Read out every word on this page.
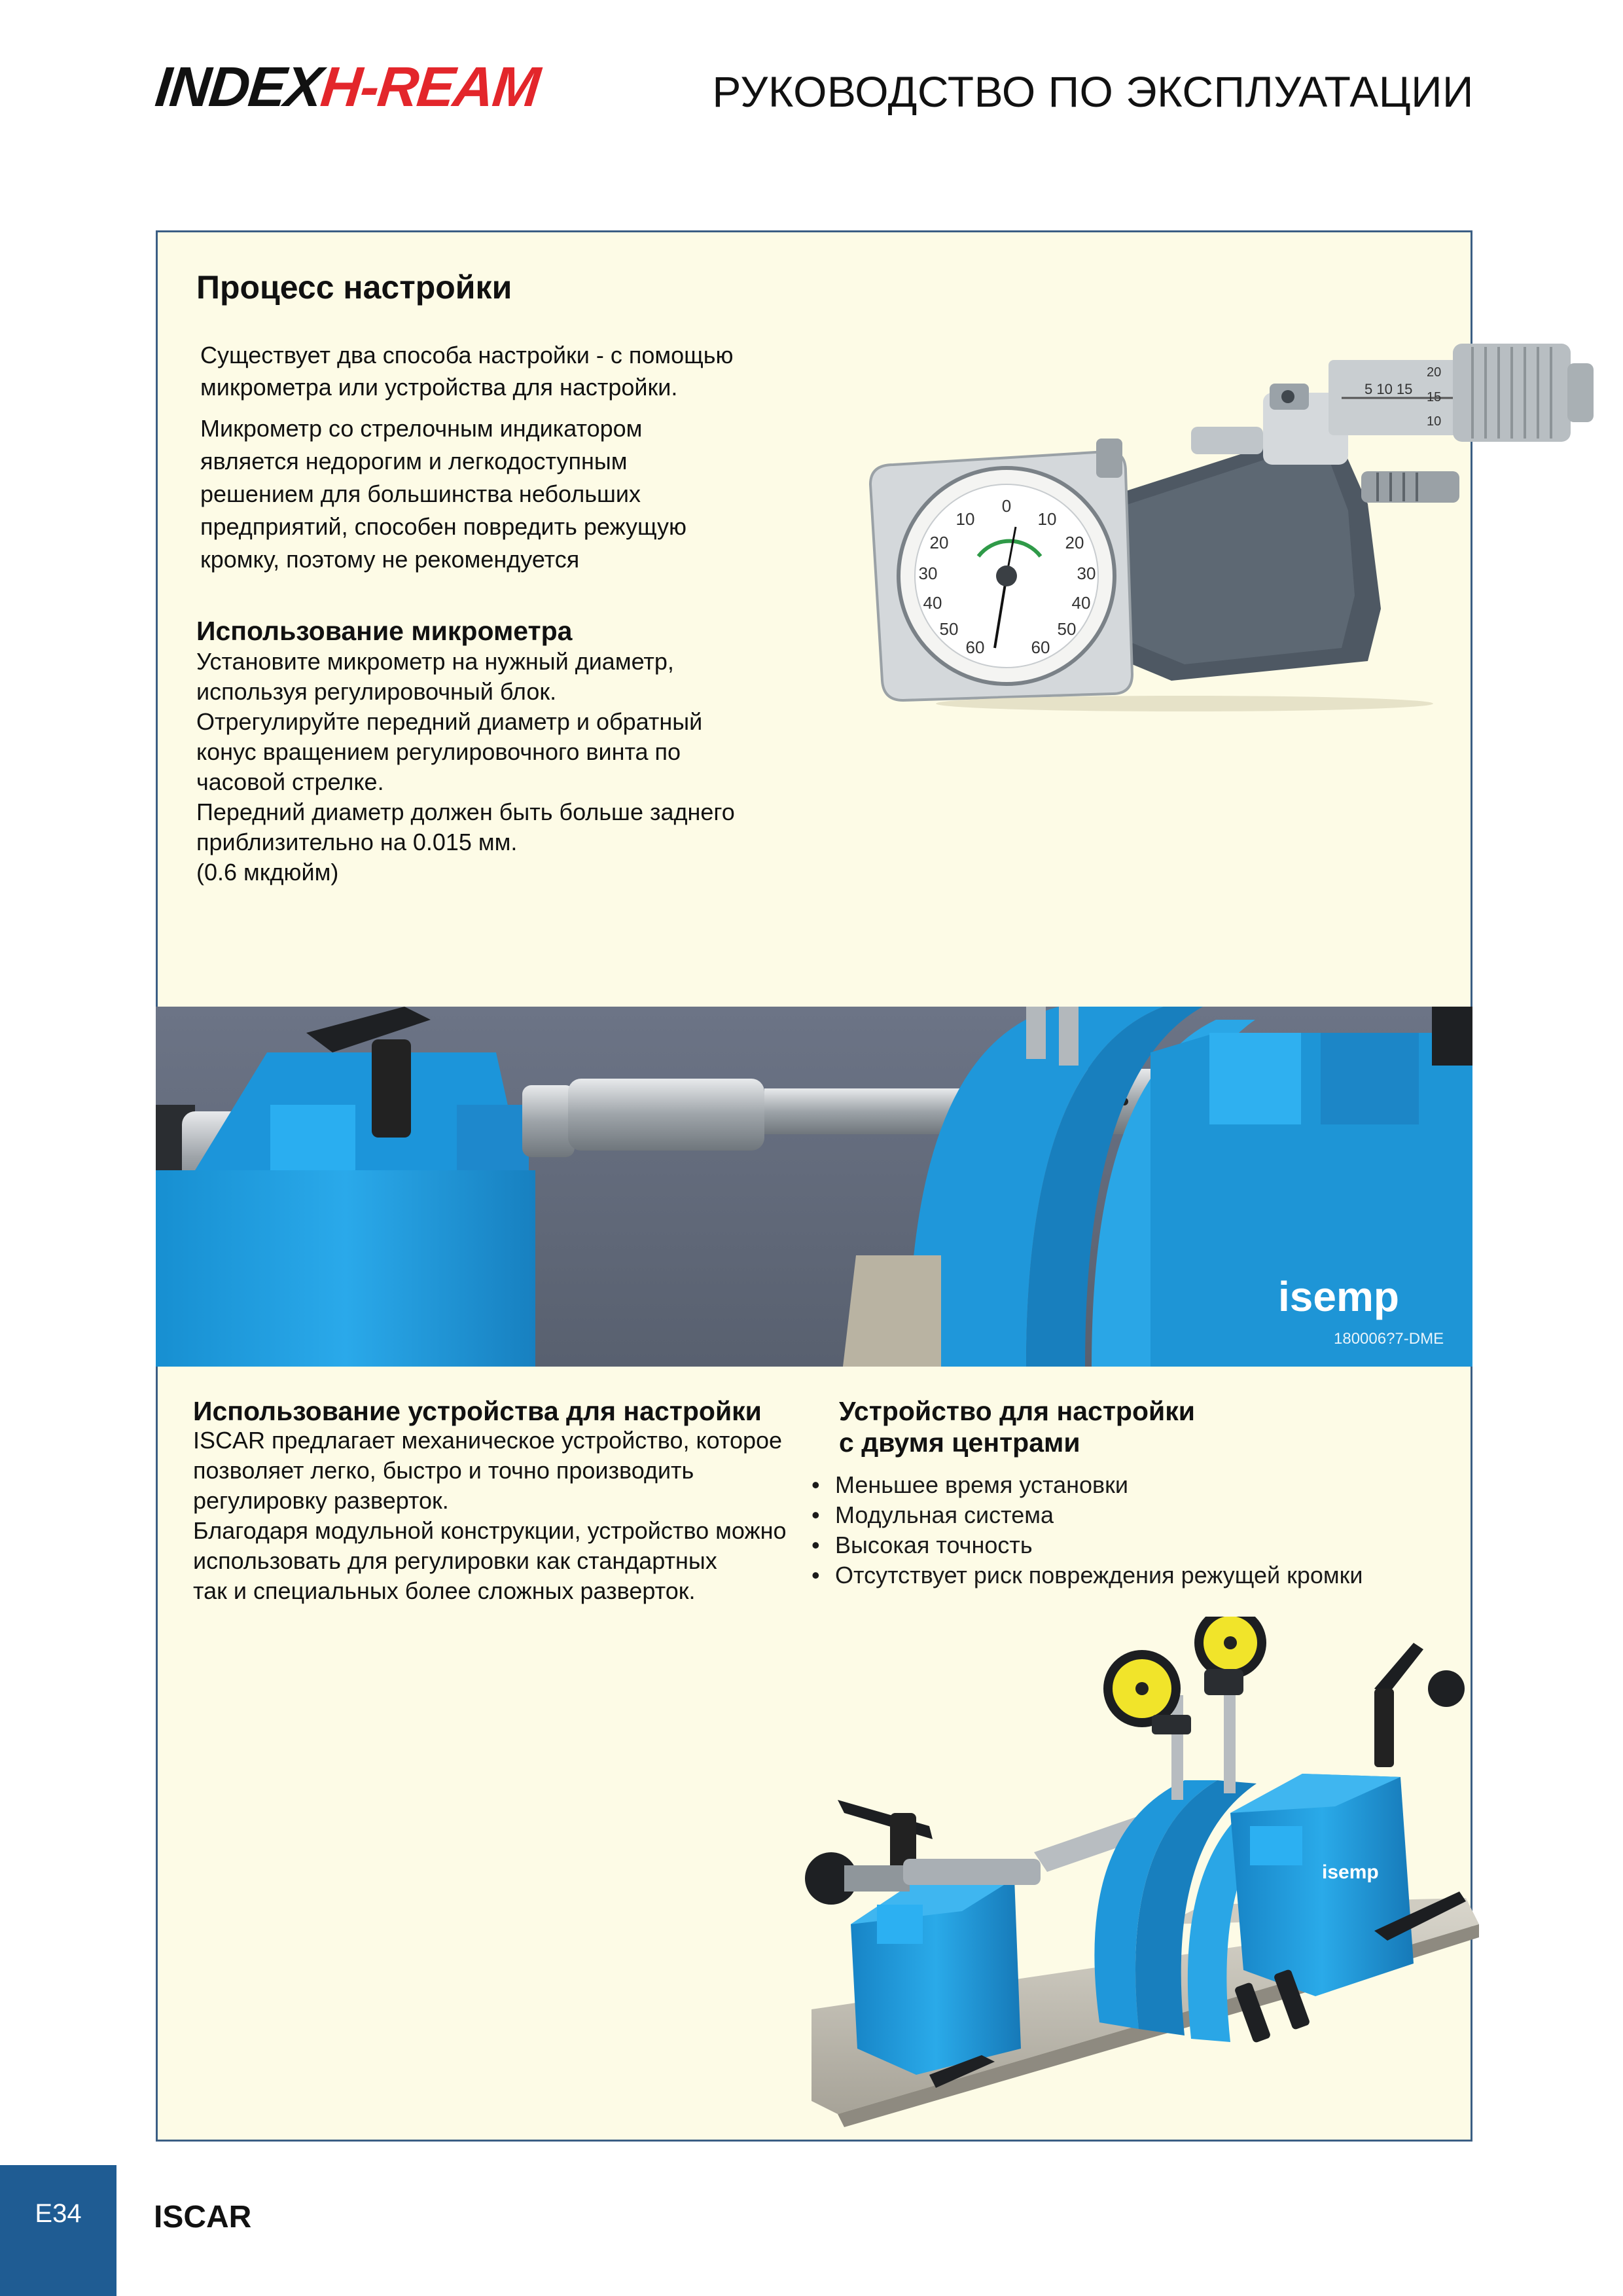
INDEXH-REAM	РУКОВОДСТВО ПО ЭКСПЛУАТАЦИИ
Процесс настройки
Существует два способа настройки - с помощью
микрометра или устройства для настройки.
Микрометр со стрелочным индикатором
является недорогим и легкодоступным
решением для большинства небольших
предприятий, способен повредить режущую
кромку, поэтому не рекомендуется
5 10 15
20
15
10
0
10	10
20	20
30	30
40	40
50	50
60	60
Использование микрометра
Установите микрометр на нужный диаметр,
используя регулировочный блок.
Отрегулируйте передний диаметр и обратный
конус вращением регулировочного винта по
часовой стрелке.
Передний диаметр должен быть больше заднего
приблизительно на 0.015 мм.
(0.6 мкдюйм)
isemp
180006?7-DME
Использование устройства для настройки
ISCAR предлагает механическое устройство, которое
позволяет легко, быстро и точно производить
регулировку разверток.
Благодаря модульной конструкции, устройство можно
использовать для регулировки как стандартных
так и специальных более сложных разверток.
Устройство для настройки
с двумя центрами
• Меньшее время установки
• Модульная система
• Высокая точность
• Отсутствует риск повреждения режущей кромки
isemp
E34	ISCAR
